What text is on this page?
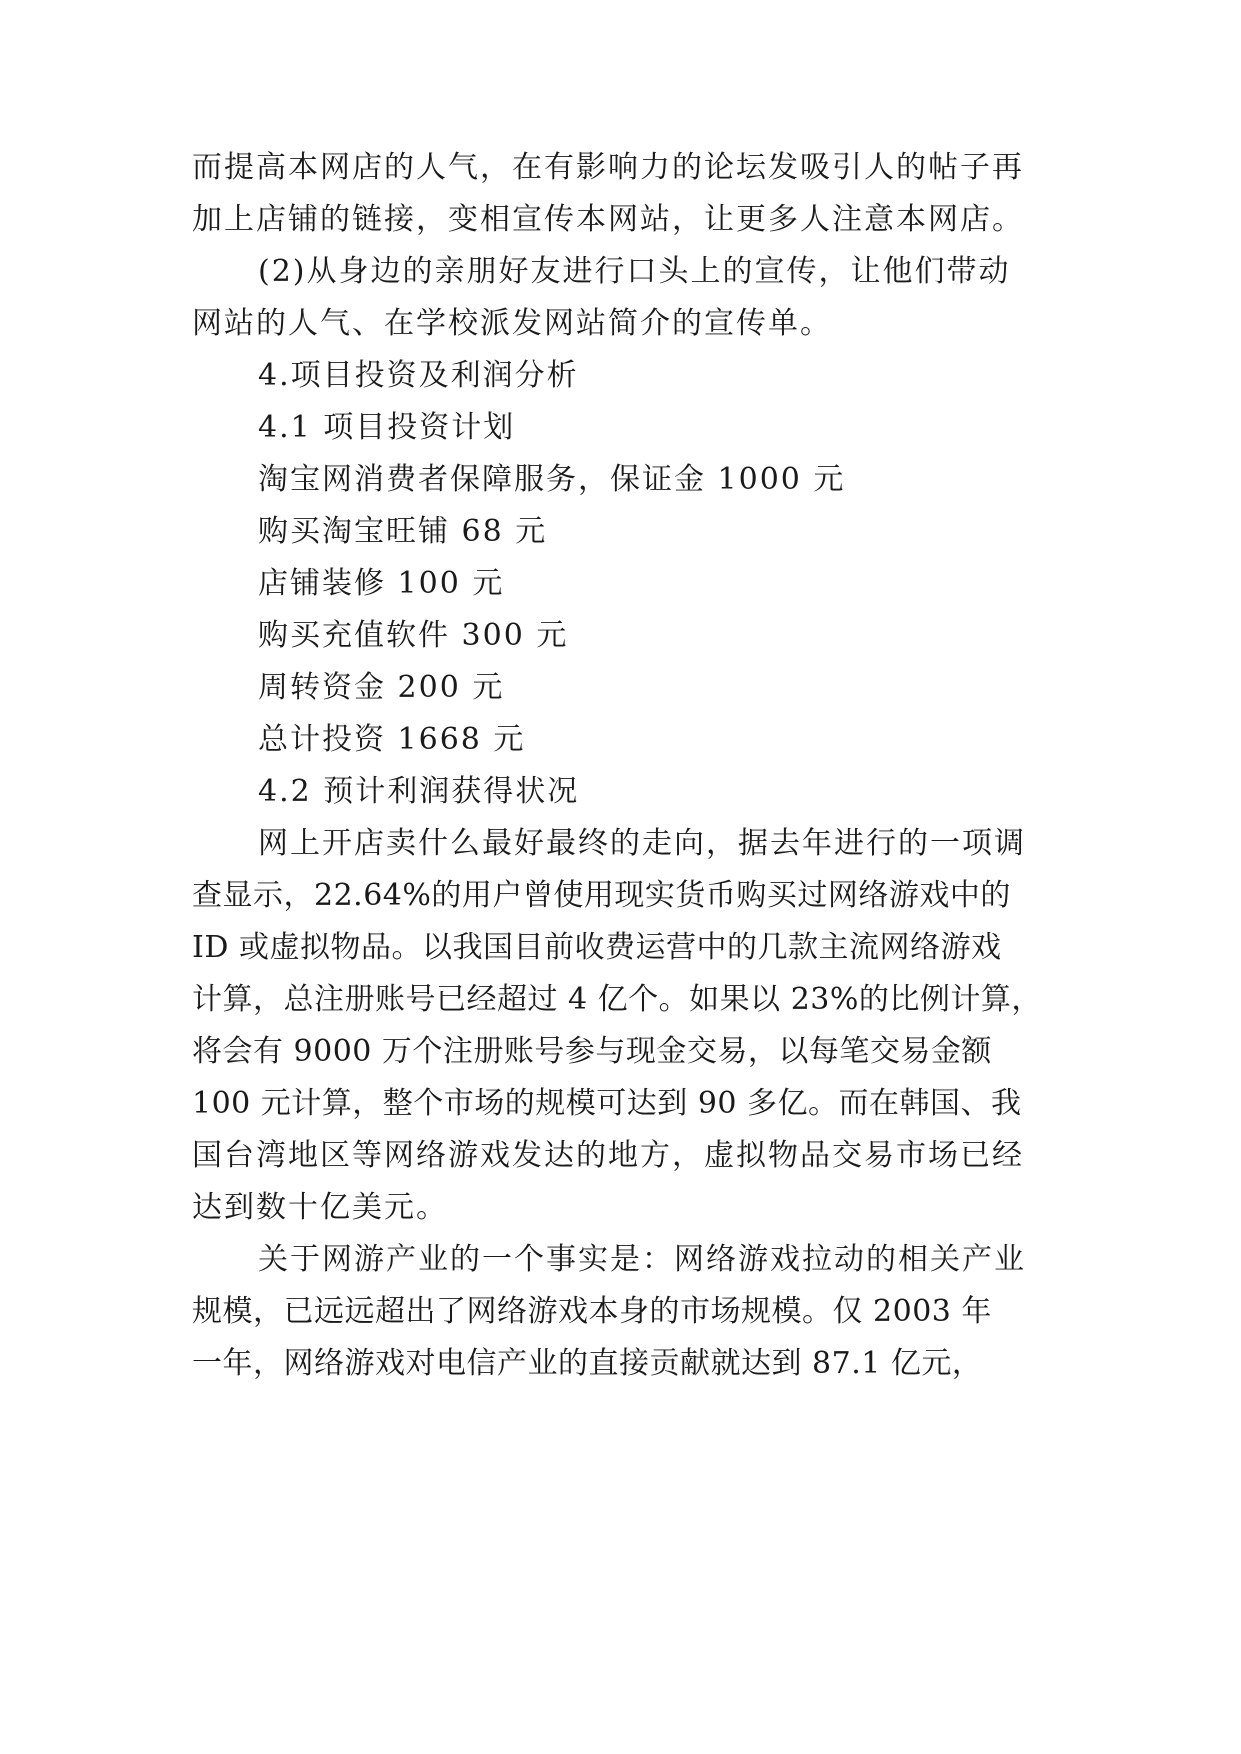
而提高本网店的人气，在有影响力的论坛发吸引人的帖子再
加上店铺的链接，变相宣传本网站，让更多人注意本网店。
(2)从身边的亲朋好友进行口头上的宣传，让他们带动
网站的人气、在学校派发网站简介的宣传单。
4.项目投资及利润分析
4.1 项目投资计划
淘宝网消费者保障服务，保证金 1000 元
购买淘宝旺铺 68 元
店铺装修 100 元
购买充值软件 300 元
周转资金 200 元
总计投资 1668 元
4.2 预计利润获得状况
网上开店卖什么最好最终的走向，据去年进行的一项调
查显示，22.64%的用户曾使用现实货币购买过网络游戏中的
ID 或虚拟物品。以我国目前收费运营中的几款主流网络游戏
计算，总注册账号已经超过 4 亿个。如果以 23%的比例计算，
将会有 9000 万个注册账号参与现金交易，以每笔交易金额
100 元计算，整个市场的规模可达到 90 多亿。而在韩国、我
国台湾地区等网络游戏发达的地方，虚拟物品交易市场已经
达到数十亿美元。
关于网游产业的一个事实是：网络游戏拉动的相关产业
规模，已远远超出了网络游戏本身的市场规模。仅 2003 年
一年，网络游戏对电信产业的直接贡献就达到 87.1 亿元，
